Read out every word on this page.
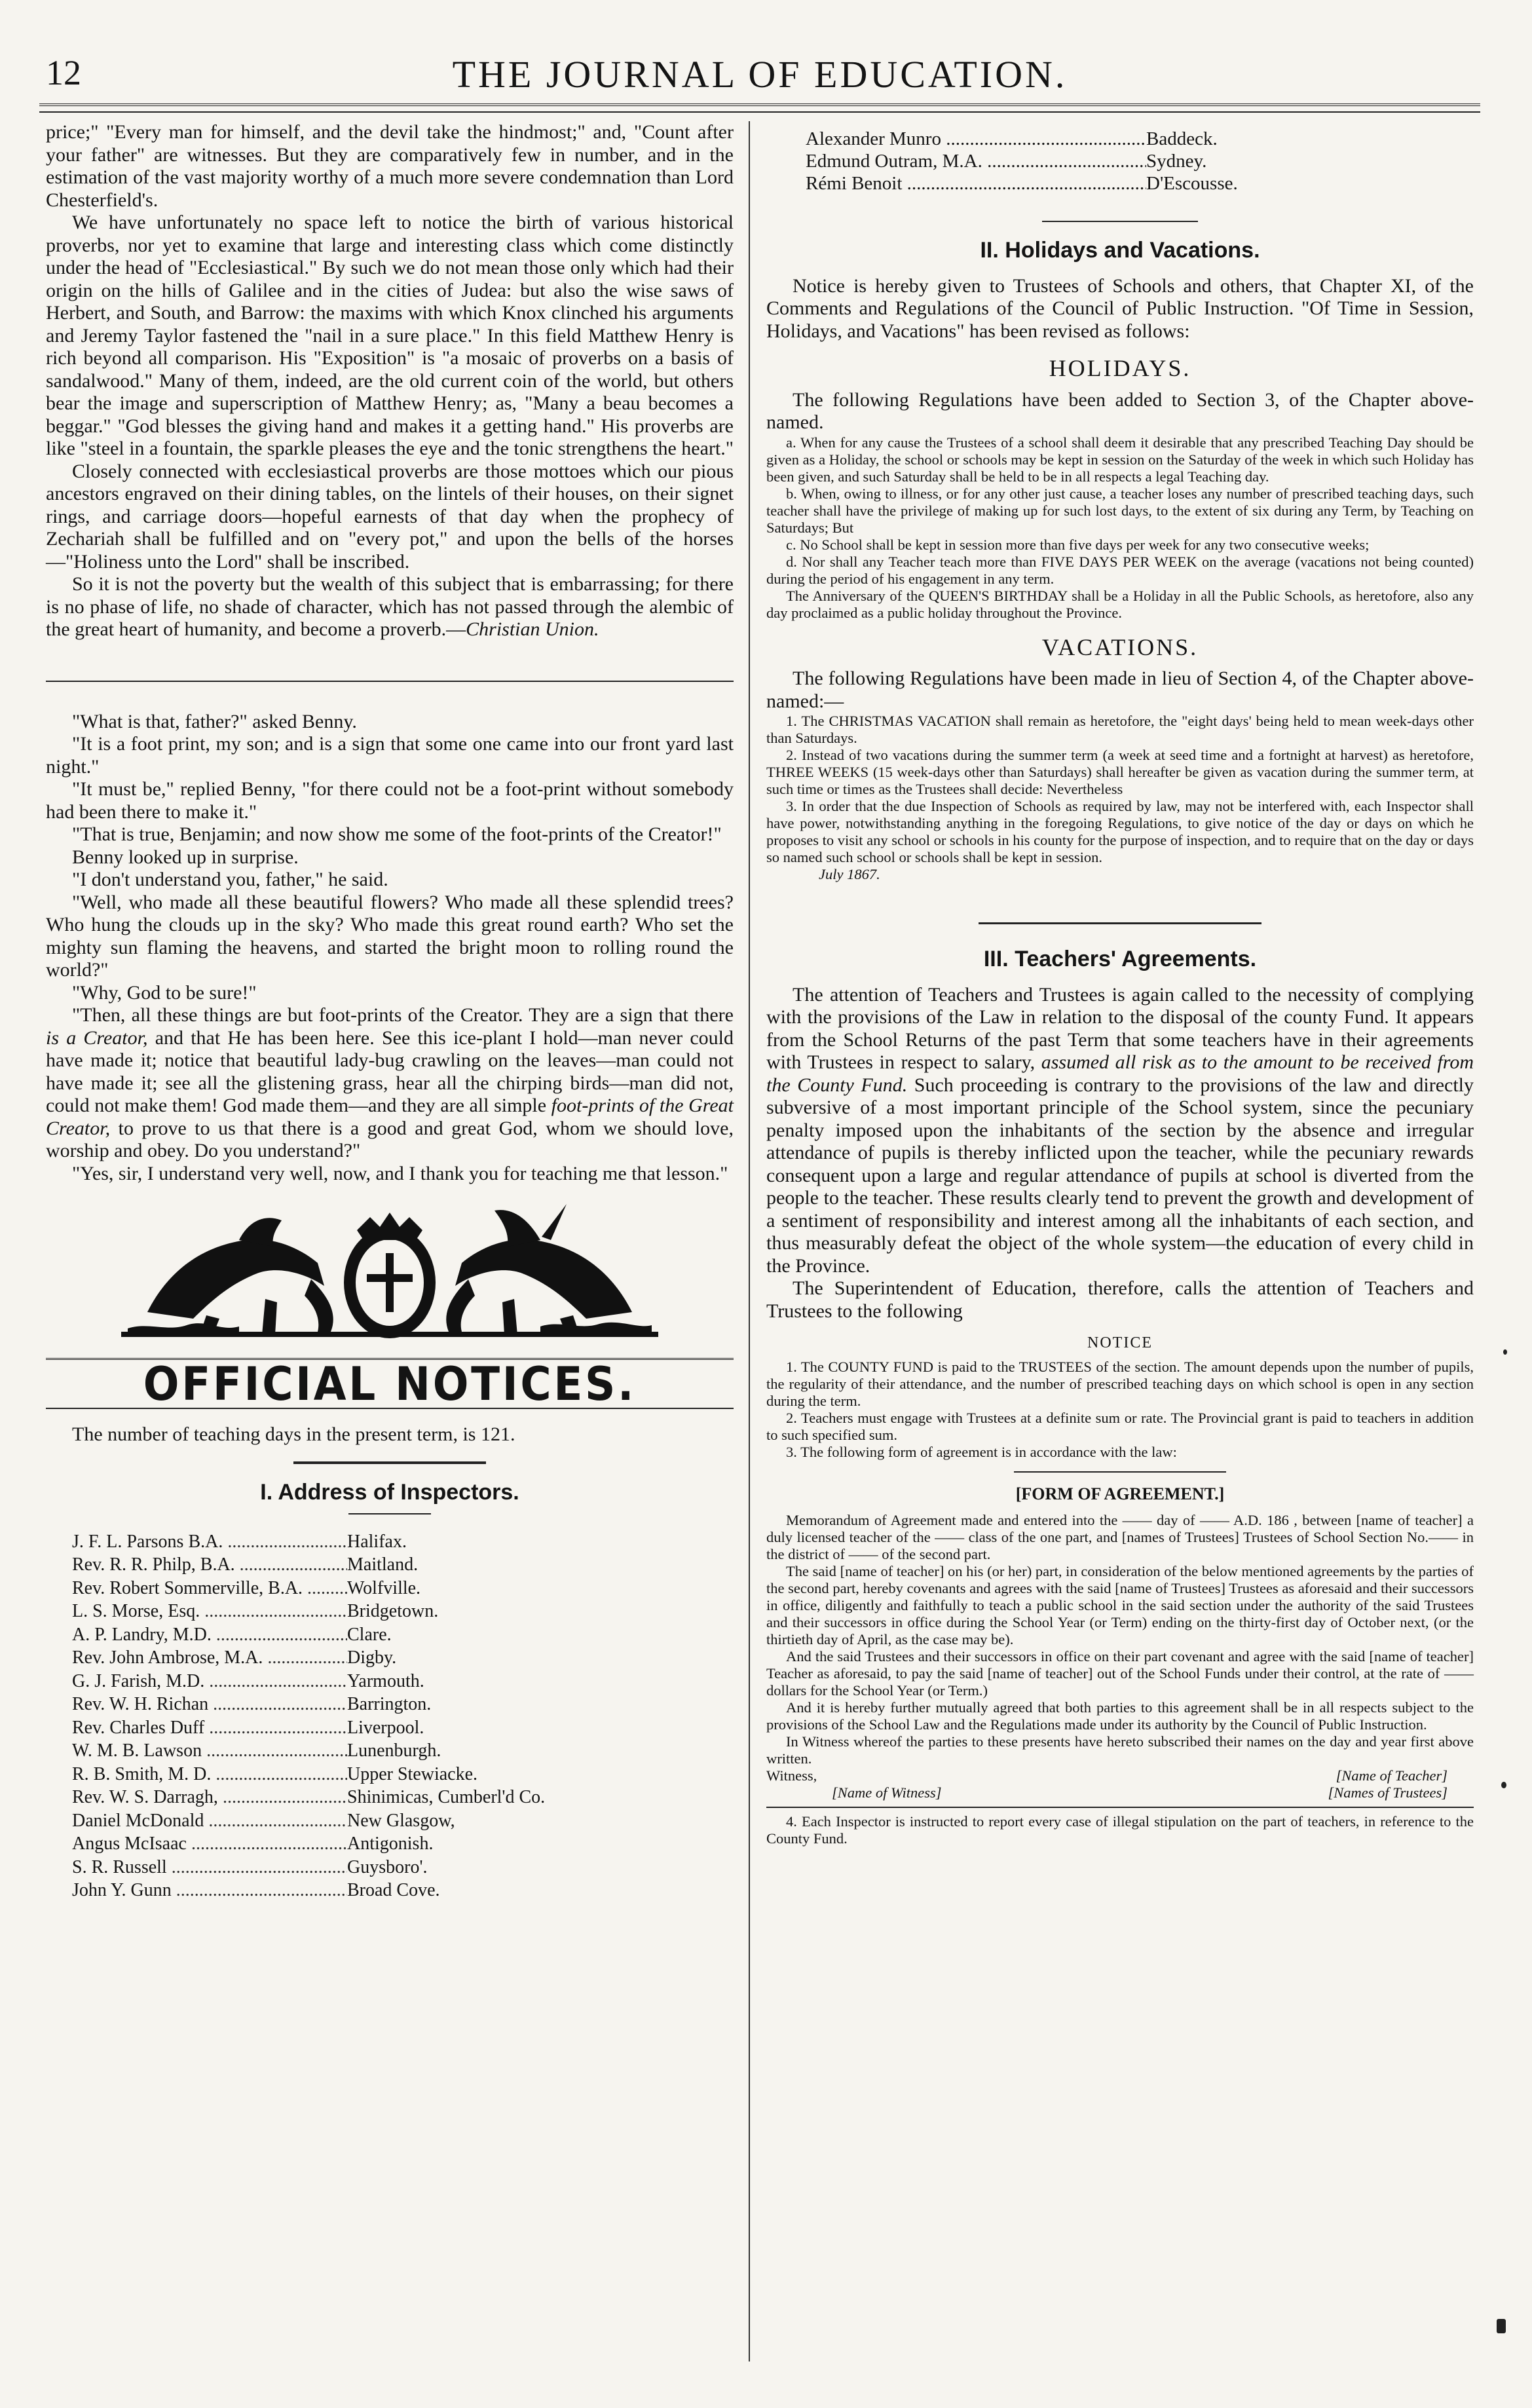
12	THE JOURNAL OF EDUCATION.

price;" "Every man for himself, and the devil take the hindmost;" and, "Count after your father" are witnesses. But they are comparatively few in number, and in the estimation of the vast majority worthy of a much more severe condemnation than Lord Chesterfield's.

We have unfortunately no space left to notice the birth of various historical proverbs, nor yet to examine that large and interesting class which come distinctly under the head of "Ecclesiastical." By such we do not mean those only which had their origin on the hills of Galilee and in the cities of Judea: but also the wise saws of Herbert, and South, and Barrow: the maxims with which Knox clinched his arguments and Jeremy Taylor fastened the "nail in a sure place." In this field Matthew Henry is rich beyond all comparison. His "Exposition" is "a mosaic of proverbs on a basis of sandalwood." Many of them, indeed, are the old current coin of the world, but others bear the image and superscription of Matthew Henry; as, "Many a beau becomes a beggar." "God blesses the giving hand and makes it a getting hand." His proverbs are like "steel in a fountain, the sparkle pleases the eye and the tonic strengthens the heart."

Closely connected with ecclesiastical proverbs are those mottoes which our pious ancestors engraved on their dining tables, on the lintels of their houses, on their signet rings, and carriage doors—hopeful earnests of that day when the prophecy of Zechariah shall be fulfilled and on "every pot," and upon the bells of the horses—"Holiness unto the Lord" shall be inscribed.

So it is not the poverty but the wealth of this subject that is embarrassing; for there is no phase of life, no shade of character, which has not passed through the alembic of the great heart of humanity, and become a proverb.—Christian Union.

"What is that, father?" asked Benny.

"It is a foot print, my son; and is a sign that some one came into our front yard last night."

"It must be," replied Benny, "for there could not be a foot-print without somebody had been there to make it."

"That is true, Benjamin; and now show me some of the foot-prints of the Creator!"

Benny looked up in surprise.

"I don't understand you, father," he said.

"Well, who made all these beautiful flowers? Who made all these splendid trees? Who hung the clouds up in the sky? Who made this great round earth? Who set the mighty sun flaming the heavens, and started the bright moon to rolling round the world?"

"Why, God to be sure!"

"Then, all these things are but foot-prints of the Creator. They are a sign that there is a Creator, and that He has been here. See this ice-plant I hold—man never could have made it; notice that beautiful lady-bug crawling on the leaves—man could not have made it; see all the glistening grass, hear all the chirping birds—man did not, could not make them! God made them—and they are all simple foot-prints of the Great Creator, to prove to us that there is a good and great God, whom we should love, worship and obey. Do you understand?"

"Yes, sir, I understand very well, now, and I thank you for teaching me that lesson."

OFFICIAL NOTICES.

The number of teaching days in the present term, is 121.

I. Address of Inspectors.
J. F. L. Parsons B.A. .....	Halifax.
Rev. R. R. Philp, B.A. .....	Maitland.
Rev. Robert Sommerville, B.A. .....	Wolfville.
L. S. Morse, Esq. .....	Bridgetown.
A. P. Landry, M.D. .....	Clare.
Rev. John Ambrose, M.A. .....	Digby.
G. J. Farish, M.D. .....	Yarmouth.
Rev. W. H. Richan .....	Barrington.
Rev. Charles Duff .....	Liverpool.
W. M. B. Lawson .....	Lunenburgh.
R. B. Smith, M. D. .....	Upper Stewiacke.
Rev. W. S. Darragh, .....	Shinimicas, Cumberl'd Co.
Daniel McDonald .....	New Glasgow,
Angus McIsaac .....	Antigonish.
S. R. Russell .....	Guysboro'.
John Y. Gunn .....	Broad Cove.
Alexander Munro .....	Baddeck.
Edmund Outram, M.A. .....	Sydney.
Rémi Benoit .....	D'Escousse.
II. Holidays and Vacations.

Notice is hereby given to Trustees of Schools and others, that Chapter XI, of the Comments and Regulations of the Council of Public Instruction. "Of Time in Session, Holidays, and Vacations" has been revised as follows:

HOLIDAYS.

The following Regulations have been added to Section 3, of the Chapter above-named.

a. When for any cause the Trustees of a school shall deem it desirable that any prescribed Teaching Day should be given as a Holiday, the school or schools may be kept in session on the Saturday of the week in which such Holiday has been given, and such Saturday shall be held to be in all respects a legal Teaching day.

b. When, owing to illness, or for any other just cause, a teacher loses any number of prescribed teaching days, such teacher shall have the privilege of making up for such lost days, to the extent of six during any Term, by Teaching on Saturdays; But

c. No School shall be kept in session more than five days per week for any two consecutive weeks;

d. Nor shall any Teacher teach more than FIVE DAYS PER WEEK on the average (vacations not being counted) during the period of his engagement in any term.

The Anniversary of the QUEEN'S BIRTHDAY shall be a Holiday in all the Public Schools, as heretofore, also any day proclaimed as a public holiday throughout the Province.

VACATIONS.

The following Regulations have been made in lieu of Section 4, of the Chapter above-named:—

1. The CHRISTMAS VACATION shall remain as heretofore, the "eight days' being held to mean week-days other than Saturdays.

2. Instead of two vacations during the summer term (a week at seed time and a fortnight at harvest) as heretofore, THREE WEEKS (15 week-days other than Saturdays) shall hereafter be given as vacation during the summer term, at such time or times as the Trustees shall decide: Nevertheless

3. In order that the due Inspection of Schools as required by law, may not be interfered with, each Inspector shall have power, notwithstanding anything in the foregoing Regulations, to give notice of the day or days on which he proposes to visit any school or schools in his county for the purpose of inspection, and to require that on the day or days so named such school or schools shall be kept in session.

July 1867.

III. Teachers' Agreements.

The attention of Teachers and Trustees is again called to the necessity of complying with the provisions of the Law in relation to the disposal of the county Fund. It appears from the School Returns of the past Term that some teachers have in their agreements with Trustees in respect to salary, assumed all risk as to the amount to be received from the County Fund. Such proceeding is contrary to the provisions of the law and directly subversive of a most important principle of the School system, since the pecuniary penalty imposed upon the inhabitants of the section by the absence and irregular attendance of pupils is thereby inflicted upon the teacher, while the pecuniary rewards consequent upon a large and regular attendance of pupils at school is diverted from the people to the teacher. These results clearly tend to prevent the growth and development of a sentiment of responsibility and interest among all the inhabitants of each section, and thus measurably defeat the object of the whole system—the education of every child in the Province.

The Superintendent of Education, therefore, calls the attention of Teachers and Trustees to the following

NOTICE

1. The COUNTY FUND is paid to the TRUSTEES of the section. The amount depends upon the number of pupils, the regularity of their attendance, and the number of prescribed teaching days on which school is open in any section during the term.

2. Teachers must engage with Trustees at a definite sum or rate. The Provincial grant is paid to teachers in addition to such specified sum.

3. The following form of agreement is in accordance with the law:

[FORM OF AGREEMENT.]

Memorandum of Agreement made and entered into the —— day of —— A.D. 186 , between [name of teacher] a duly licensed teacher of the —— class of the one part, and [names of Trustees] Trustees of School Section No.—— in the district of —— of the second part.

The said [name of teacher] on his (or her) part, in consideration of the below mentioned agreements by the parties of the second part, hereby covenants and agrees with the said [name of Trustees] Trustees as aforesaid and their successors in office, diligently and faithfully to teach a public school in the said section under the authority of the said Trustees and their successors in office during the School Year (or Term) ending on the thirty-first day of October next, (or the thirtieth day of April, as the case may be).

And the said Trustees and their successors in office on their part covenant and agree with the said [name of teacher] Teacher as aforesaid, to pay the said [name of teacher] out of the School Funds under their control, at the rate of —— dollars for the School Year (or Term.)

And it is hereby further mutually agreed that both parties to this agreement shall be in all respects subject to the provisions of the School Law and the Regulations made under its authority by the Council of Public Instruction.

In Witness whereof the parties to these presents have hereto subscribed their names on the day and year first above written.

Witness,	[Name of Teacher]
[Name of Witness]	[Names of Trustees]

4. Each Inspector is instructed to report every case of illegal stipulation on the part of teachers, in reference to the County Fund.
